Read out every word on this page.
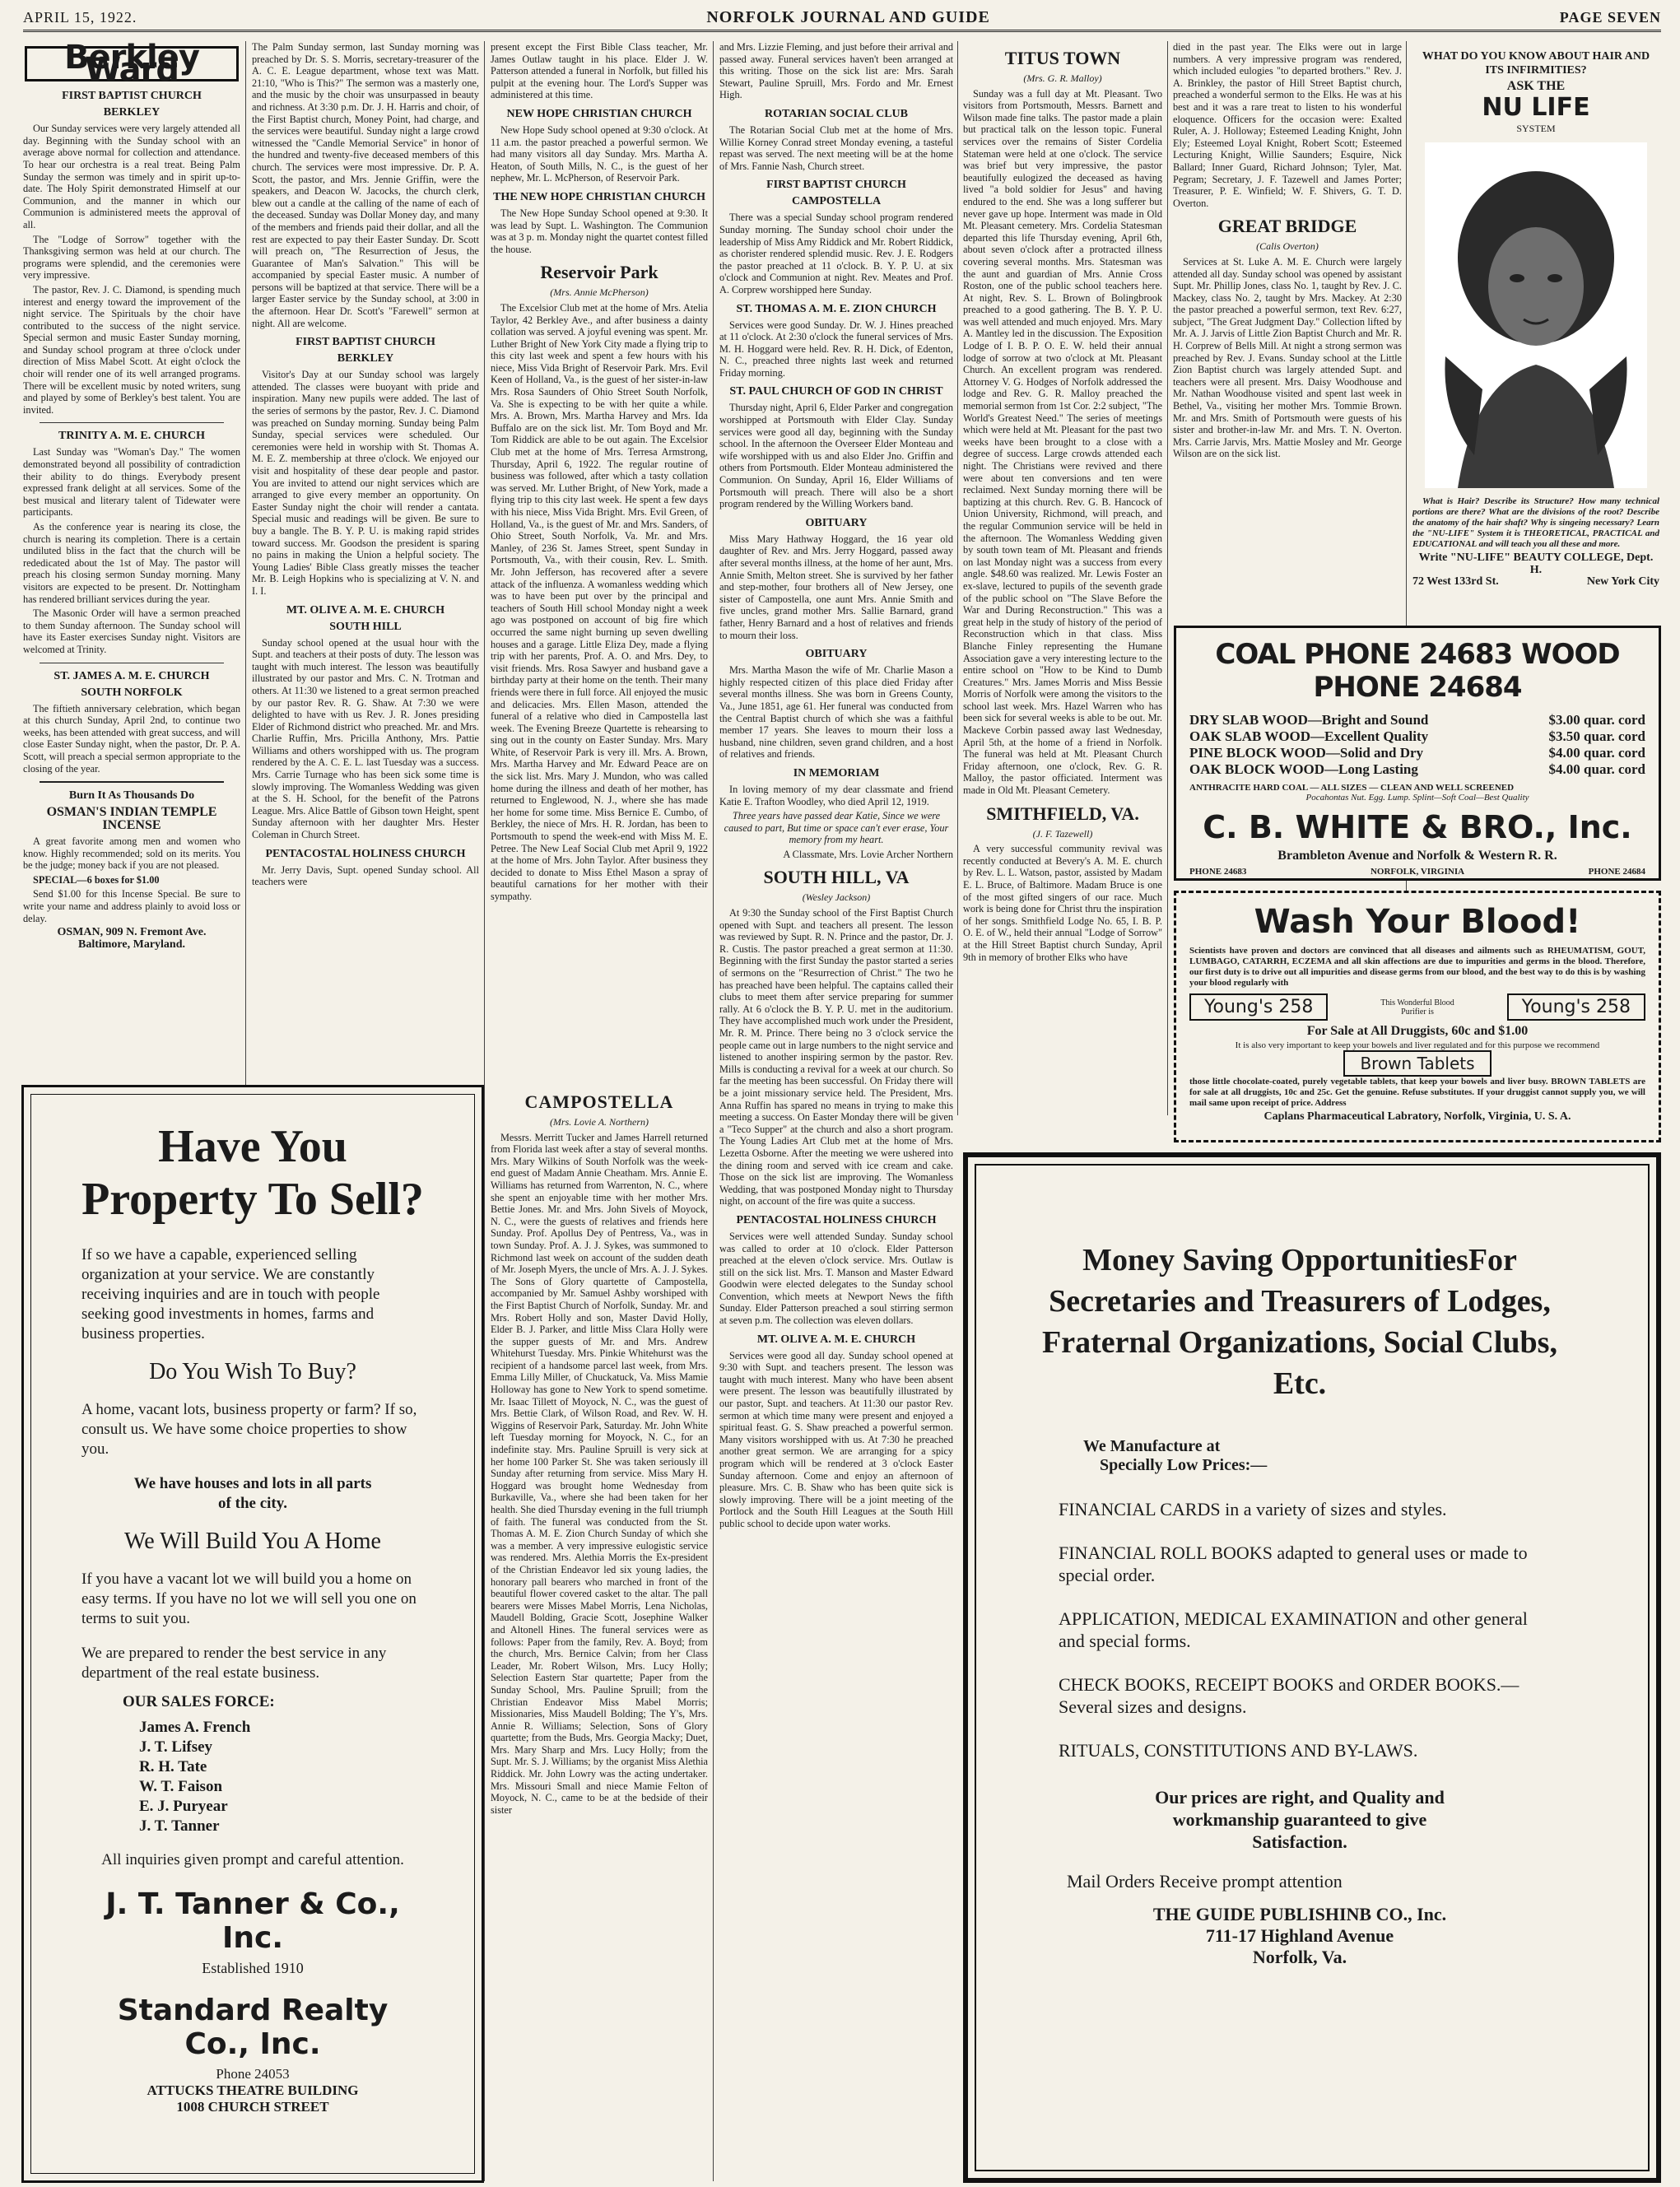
APRIL 15, 1922.	NORFOLK JOURNAL AND GUIDE	PAGE SEVEN
Berkley Ward
FIRST BAPTIST CHURCH
BERKLEY

Our Sunday services were very largely attended all day. Beginning with the Sunday school with an average above normal for collection and attendance. To hear our orchestra is a real treat. Being Palm Sunday the sermon was timely and in spirit up-to-date. The Holy Spirit demonstrated Himself at our Communion, and the manner in which our Communion is administered meets the approval of all.

The "Lodge of Sorrow" together with the Thanksgiving sermon was held at our church. The programs were splendid, and the ceremonies were very impressive.

The pastor, Rev. J. C. Diamond, is spending much interest and energy toward the improvement of the night service. The Spirituals by the choir have contributed to the success of the night service. Special sermon and music Easter Sunday morning, and Sunday school program at three o'clock under direction of Miss Mabel Scott. At eight o'clock the choir will render one of its well arranged programs. There will be excellent music by noted writers, sung and played by some of Berkley's best talent. You are invited.

TRINITY A. M. E. CHURCH

Last Sunday was "Woman's Day." The women demonstrated beyond all possibility of contradiction their ability to do things. Everybody present expressed frank delight at all services. Some of the best musical and literary talent of Tidewater were participants.

As the conference year is nearing its close, the church is nearing its completion. There is a certain undiluted bliss in the fact that the church will be rededicated about the 1st of May. The pastor will preach his closing sermon Sunday morning. Many visitors are expected to be present. Dr. Nottingham has rendered brilliant services during the year.

The Masonic Order will have a sermon preached to them Sunday afternoon. The Sunday school will have its Easter exercises Sunday night. Visitors are welcomed at Trinity.

ST. JAMES A. M. E. CHURCH
SOUTH NORFOLK

The fiftieth anniversary celebration, which began at this church Sunday, April 2nd, to continue two weeks, has been attended with great success, and will close Easter Sunday night, when the pastor, Dr. P. A. Scott, will preach a special sermon appropriate to the closing of the year.

Burn It As Thousands Do
OSMAN'S INDIAN TEMPLE INCENSE

A great favorite among men and women who know. Highly recommended; sold on its merits. You be the judge; money back if you are not pleased.

SPECIAL—6 boxes for $1.00

Send $1.00 for this Incense Special. Be sure to write your name and address plainly to avoid loss or delay.

OSMAN, 909 N. Fremont Ave.
Baltimore, Maryland.

The Palm Sunday sermon, last Sunday morning was preached by Dr. S. S. Morris, secretary-treasurer of the A. C. E. League department, whose text was Matt. 21:10, "Who is This?" The sermon was a masterly one, and the music by the choir was unsurpassed in beauty and richness. At 3:30 p.m. Dr. J. H. Harris and choir, of the First Baptist church, Money Point, had charge, and the services were beautiful. Sunday night a large crowd witnessed the "Candle Memorial Service" in honor of the hundred and twenty-five deceased members of this church. The services were most impressive. Dr. P. A. Scott, the pastor, and Mrs. Jennie Griffin, were the speakers, and Deacon W. Jacocks, the church clerk, blew out a candle at the calling of the name of each of the deceased. Sunday was Dollar Money day, and many of the members and friends paid their dollar, and all the rest are expected to pay their Easter Sunday. Dr. Scott will preach on, "The Resurrection of Jesus, the Guarantee of Man's Salvation." This will be accompanied by special Easter music. A number of persons will be baptized at that service. There will be a larger Easter service by the Sunday school, at 3:00 in the afternoon. Hear Dr. Scott's "Farewell" sermon at night. All are welcome.

FIRST BAPTIST CHURCH
BERKLEY

Visitor's Day at our Sunday school was largely attended. The classes were buoyant with pride and inspiration. Many new pupils were added. The last of the series of sermons by the pastor, Rev. J. C. Diamond was preached on Sunday morning. Sunday being Palm Sunday, special services were scheduled. Our ceremonies were held in worship with St. Thomas A. M. E. Z. membership at three o'clock. We enjoyed our visit and hospitality of these dear people and pastor. You are invited to attend our night services which are arranged to give every member an opportunity. On Easter Sunday night the choir will render a cantata. Special music and readings will be given. Be sure to buy a bangle. The B. Y. P. U. is making rapid strides toward success. Mr. Goodson the president is sparing no pains in making the Union a helpful society. The Young Ladies' Bible Class greatly misses the teacher Mr. B. Leigh Hopkins who is specializing at V. N. and I. I.

MT. OLIVE A. M. E. CHURCH
SOUTH HILL

Sunday school opened at the usual hour with the Supt. and teachers at their posts of duty. The lesson was taught with much interest. The lesson was beautifully illustrated by our pastor and Mrs. C. N. Trotman and others. At 11:30 we listened to a great sermon preached by our pastor Rev. R. G. Shaw. At 7:30 we were delighted to have with us Rev. J. R. Jones presiding Elder of Richmond district who preached. Mr. and Mrs. Charlie Ruffin, Mrs. Pricilla Anthony, Mrs. Pattie Williams and others worshipped with us. The program rendered by the A. C. E. L. last Tuesday was a success. Mrs. Carrie Turnage who has been sick some time is slowly improving. The Womanless Wedding was given at the S. H. School, for the benefit of the Patrons League. Mrs. Alice Battle of Gibson town Height, spent Sunday afternoon with her daughter Mrs. Hester Coleman in Church Street.

PENTACOSTAL HOLINESS CHURCH

Mr. Jerry Davis, Supt. opened Sunday school. All teachers were

present except the First Bible Class teacher, Mr. James Outlaw taught in his place. Elder J. W. Patterson attended a funeral in Norfolk, but filled his pulpit at the evening hour. The Lord's Supper was administered at this time.

NEW HOPE CHRISTIAN CHURCH

New Hope Sudy school opened at 9:30 o'clock. At 11 a.m. the pastor preached a powerful sermon. We had many visitors all day Sunday. Mrs. Martha A. Heaton, of South Mills, N. C., is the guest of her nephew, Mr. L. McPherson, of Reservoir Park.

THE NEW HOPE CHRISTIAN CHURCH

The New Hope Sunday School opened at 9:30. It was lead by Supt. L. Washington. The Communion was at 3 p. m. Monday night the quartet contest filled the house.

Reservoir Park
(Mrs. Annie McPherson)

The Excelsior Club met at the home of Mrs. Atelia Taylor, 42 Berkley Ave., and after business a dainty collation was served. A joyful evening was spent. Mr. Luther Bright of New York City made a flying trip to this city last week and spent a few hours with his niece, Miss Vida Bright of Reservoir Park. Mrs. Evil Keen of Holland, Va., is the guest of her sister-in-law Mrs. Rosa Saunders of Ohio Street South Norfolk, Va. She is expecting to be with her quite a while. Mrs. A. Brown, Mrs. Martha Harvey and Mrs. Ida Buffalo are on the sick list. Mr. Tom Boyd and Mr. Tom Riddick are able to be out again. The Excelsior Club met at the home of Mrs. Terresa Armstrong, Thursday, April 6, 1922. The regular routine of business was followed, after which a tasty collation was served. Mr. Luther Bright, of New York, made a flying trip to this city last week. He spent a few days with his niece, Miss Vida Bright. Mrs. Evil Green, of Holland, Va., is the guest of Mr. and Mrs. Sanders, of Ohio Street, South Norfolk, Va. Mr. and Mrs. Manley, of 236 St. James Street, spent Sunday in Portsmouth, Va., with their cousin, Rev. L. Smith. Mr. John Jefferson, has recovered after a severe attack of the influenza. A womanless wedding which was to have been put over by the principal and teachers of South Hill school Monday night a week ago was postponed on account of big fire which occurred the same night burning up seven dwelling houses and a garage. Little Eliza Dey, made a flying trip with her parents, Prof. A. O. and Mrs. Dey, to visit friends. Mrs. Rosa Sawyer and husband gave a birthday party at their home on the tenth. Their many friends were there in full force. All enjoyed the music and delicacies. Mrs. Ellen Mason, attended the funeral of a relative who died in Campostella last week. The Evening Breeze Quartette is rehearsing to sing out in the county on Easter Sunday. Mrs. Mary White, of Reservoir Park is very ill. Mrs. A. Brown, Mrs. Martha Harvey and Mr. Edward Peace are on the sick list. Mrs. Mary J. Mundon, who was called home during the illness and death of her mother, has returned to Englewood, N. J., where she has made her home for some time. Miss Bernice E. Cumbo, of Berkley, the niece of Mrs. H. R. Jordan, has been to Portsmouth to spend the week-end with Miss M. E. Petree. The New Leaf Social Club met April 9, 1922 at the home of Mrs. John Taylor. After business they decided to donate to Miss Ethel Mason a spray of beautiful carnations for her mother with their sympathy.

CAMPOSTELLA
(Mrs. Lovie A. Northern)

Messrs. Merritt Tucker and James Harrell returned from Florida last week after a stay of several months. Mrs. Mary Wilkins of South Norfolk was the week-end guest of Madam Annie Cheatham. Mrs. Annie E. Williams has returned from Warrenton, N. C., where she spent an enjoyable time with her mother Mrs. Bettie Jones. Mr. and Mrs. John Sivels of Moyock, N. C., were the guests of relatives and friends here Sunday. Prof. Apollus Dey of Pentress, Va., was in town Sunday. Prof. A. J. J. Sykes, was summoned to Richmond last week on account of the sudden death of Mr. Joseph Myers, the uncle of Mrs. A. J. J. Sykes. The Sons of Glory quartette of Campostella, accompanied by Mr. Samuel Ashby worshiped with the First Baptist Church of Norfolk, Sunday. Mr. and Mrs. Robert Holly and son, Master David Holly, Elder B. J. Parker, and little Miss Clara Holly were the supper guests of Mr. and Mrs. Andrew Whitehurst Tuesday. Mrs. Pinkie Whitehurst was the recipient of a handsome parcel last week, from Mrs. Emma Lilly Miller, of Chuckatuck, Va. Miss Mamie Holloway has gone to New York to spend sometime. Mr. Isaac Tillett of Moyock, N. C., was the guest of Mrs. Bettie Clark, of Wilson Road, and Rev. W. H. Wiggins of Reservoir Park, Saturday. Mr. John White left Tuesday morning for Moyock, N. C., for an indefinite stay. Mrs. Pauline Spruill is very sick at her home 100 Parker St. She was taken seriously ill Sunday after returning from service. Miss Mary H. Hoggard was brought home Wednesday from Burkaville, Va., where she had been taken for her health. She died Thursday evening in the full triumph of faith. The funeral was conducted from the St. Thomas A. M. E. Zion Church Sunday of which she was a member. A very impressive eulogistic service was rendered. Mrs. Alethia Morris the Ex-president of the Christian Endeavor led six young ladies, the honorary pall bearers who marched in front of the beautiful flower covered casket to the altar. The pall bearers were Misses Mabel Morris, Lena Nicholas, Maudell Bolding, Gracie Scott, Josephine Walker and Altonell Hines. The funeral services were as follows: Paper from the family, Rev. A. Boyd; from the church, Mrs. Bernice Calvin; from her Class Leader, Mr. Robert Wilson, Mrs. Lucy Holly; Selection Eastern Star quartette; Paper from the Sunday School, Mrs. Pauline Spruill; from the Christian Endeavor Miss Mabel Morris; Missionaries, Miss Maudell Bolding; The Y's, Mrs. Annie R. Williams; Selection, Sons of Glory quartette; from the Buds, Mrs. Georgia Macky; Duet, Mrs. Mary Sharp and Mrs. Lucy Holly; from the Supt. Mr. S. J. Williams; by the organist Miss Alethia Riddick. Mr. John Lowry was the acting undertaker. Mrs. Missouri Small and niece Mamie Felton of Moyock, N. C., came to be at the bedside of their sister

and Mrs. Lizzie Fleming, and just before their arrival and passed away. Funeral services haven't been arranged at this writing. Those on the sick list are: Mrs. Sarah Stewart, Pauline Spruill, Mrs. Fordo and Mr. Ernest High.

ROTARIAN SOCIAL CLUB

The Rotarian Social Club met at the home of Mrs. Willie Korney Conrad street Monday evening, a tasteful repast was served. The next meeting will be at the home of Mrs. Fannie Nash, Church street.

FIRST BAPTIST CHURCH
CAMPOSTELLA

There was a special Sunday school program rendered Sunday morning. The Sunday school choir under the leadership of Miss Amy Riddick and Mr. Robert Riddick, as chorister rendered splendid music. Rev. J. E. Rodgers the pastor preached at 11 o'clock. B. Y. P. U. at six o'clock and Communion at night. Rev. Meates and Prof. A. Corprew worshipped here Sunday.

ST. THOMAS A. M. E. ZION CHURCH

Services were good Sunday. Dr. W. J. Hines preached at 11 o'clock. At 2:30 o'clock the funeral services of Mrs. M. H. Hoggard were held. Rev. R. H. Dick, of Edenton, N. C., preached three nights last week and returned Friday morning.

ST. PAUL CHURCH OF GOD IN CHRIST

Thursday night, April 6, Elder Parker and congregation worshipped at Portsmouth with Elder Clay. Sunday services were good all day, beginning with the Sunday school. In the afternoon the Overseer Elder Monteau and wife worshipped with us and also Elder Jno. Griffin and others from Portsmouth. Elder Monteau administered the Communion. On Sunday, April 16, Elder Williams of Portsmouth will preach. There will also be a short program rendered by the Willing Workers band.

OBITUARY

Miss Mary Hathway Hoggard, the 16 year old daughter of Rev. and Mrs. Jerry Hoggard, passed away after several months illness, at the home of her aunt, Mrs. Annie Smith, Melton street. She is survived by her father and step-mother, four brothers all of New Jersey, one sister of Campostella, one aunt Mrs. Annie Smith and five uncles, grand mother Mrs. Sallie Barnard, grand father, Henry Barnard and a host of relatives and friends to mourn their loss.

OBITUARY

Mrs. Martha Mason the wife of Mr. Charlie Mason a highly respected citizen of this place died Friday after several months illness. She was born in Greens County, Va., June 1851, age 61. Her funeral was conducted from the Central Baptist church of which she was a faithful member 17 years. She leaves to mourn their loss a husband, nine children, seven grand children, and a host of relatives and friends.

IN MEMORIAM

In loving memory of my dear classmate and friend Katie E. Trafton Woodley, who died April 12, 1919.

Three years have passed dear Katie, Since we were caused to part, But time or space can't ever erase, Your memory from my heart.

A Classmate, Mrs. Lovie Archer Northern

SOUTH HILL, VA
(Wesley Jackson)

At 9:30 the Sunday school of the First Baptist Church opened with Supt. and teachers all present. The lesson was reviewed by Supt. R. N. Prince and the pastor, Dr. J. R. Custis. The pastor preached a great sermon at 11:30. Beginning with the first Sunday the pastor started a series of sermons on the "Resurrection of Christ." The two he has preached have been helpful. The captains called their clubs to meet them after service preparing for summer rally. At 6 o'clock the B. Y. P. U. met in the auditorium. They have accomplished much work under the President, Mr. R. M. Prince. There being no 3 o'clock service the people came out in large numbers to the night service and listened to another inspiring sermon by the pastor. Rev. Mills is conducting a revival for a week at our church. So far the meeting has been successful. On Friday there will be a joint missionary service held. The President, Mrs. Anna Ruffin has spared no means in trying to make this meeting a success. On Easter Monday there will be given a "Teco Supper" at the church and also a short program. The Young Ladies Art Club met at the home of Mrs. Lezetta Osborne. After the meeting we were ushered into the dining room and served with ice cream and cake. Those on the sick list are improving. The Womanless Wedding, that was postponed Monday night to Thursday night, on account of the fire was quite a success.

PENTACOSTAL HOLINESS CHURCH

Services were well attended Sunday. Sunday school was called to order at 10 o'clock. Elder Patterson preached at the eleven o'clock service. Mrs. Outlaw is still on the sick list. Mrs. T. Manson and Master Edward Goodwin were elected delegates to the Sunday school Convention, which meets at Newport News the fifth Sunday. Elder Patterson preached a soul stirring sermon at seven p.m. The collection was eleven dollars.

MT. OLIVE A. M. E. CHURCH

Services were good all day. Sunday school opened at 9:30 with Supt. and teachers present. The lesson was taught with much interest. Many who have been absent were present. The lesson was beautifully illustrated by our pastor, Supt. and teachers. At 11:30 our pastor Rev. sermon at which time many were present and enjoyed a spiritual feast. G. S. Shaw preached a powerful sermon. Many visitors worshipped with us. At 7:30 he preached another great sermon. We are arranging for a spicy program which will be rendered at 3 o'clock Easter Sunday afternoon. Come and enjoy an afternoon of pleasure. Mrs. C. B. Shaw who has been quite sick is slowly improving. There will be a joint meeting of the Portlock and the South Hill Leagues at the South Hill public school to decide upon water works.

TITUS TOWN
(Mrs. G. R. Malloy)

Sunday was a full day at Mt. Pleasant. Two visitors from Portsmouth, Messrs. Barnett and Wilson made fine talks. The pastor made a plain but practical talk on the lesson topic. Funeral services over the remains of Sister Cordelia Stateman were held at one o'clock. The service was brief but very impressive, the pastor beautifully eulogized the deceased as having lived "a bold soldier for Jesus" and having endured to the end. She was a long sufferer but never gave up hope. Interment was made in Old Mt. Pleasant cemetery. Mrs. Cordelia Statesman departed this life Thursday evening, April 6th, about seven o'clock after a protracted illness covering several months. Mrs. Statesman was the aunt and guardian of Mrs. Annie Cross Roston, one of the public school teachers here. At night, Rev. S. L. Brown of Bolingbrook preached to a good gathering. The B. Y. P. U. was well attended and much enjoyed. Mrs. Mary A. Mantley led in the discussion. The Exposition Lodge of I. B. P. O. E. W. held their annual lodge of sorrow at two o'clock at Mt. Pleasant Church. An excellent program was rendered. Attorney V. G. Hodges of Norfolk addressed the lodge and Rev. G. R. Malloy preached the memorial sermon from 1st Cor. 2:2 subject, "The World's Greatest Need." The series of meetings which were held at Mt. Pleasant for the past two weeks have been brought to a close with a degree of success. Large crowds attended each night. The Christians were revived and there were about ten conversions and ten were reclaimed. Next Sunday morning there will be baptizing at this church. Rev. G. B. Hancock of Union University, Richmond, will preach, and the regular Communion service will be held in the afternoon. The Womanless Wedding given by south town team of Mt. Pleasant and friends on last Monday night was a success from every angle. $48.60 was realized. Mr. Lewis Foster an ex-slave, lectured to pupils of the seventh grade of the public school on "The Slave Before the War and During Reconstruction." This was a great help in the study of history of the period of Reconstruction which in that class. Miss Blanche Finley representing the Humane Association gave a very interesting lecture to the entire school on "How to be Kind to Dumb Creatures." Mrs. James Morris and Miss Bessie Morris of Norfolk were among the visitors to the school last week. Mrs. Hazel Warren who has been sick for several weeks is able to be out. Mr. Mackeve Corbin passed away last Wednesday, April 5th, at the home of a friend in Norfolk. The funeral was held at Mt. Pleasant Church Friday afternoon, one o'clock, Rev. G. R. Malloy, the pastor officiated. Interment was made in Old Mt. Pleasant Cemetery.

SMITHFIELD, VA.
(J. F. Tazewell)

A very successful community revival was recently conducted at Bevery's A. M. E. church by Rev. L. L. Watson, pastor, assisted by Madam E. L. Bruce, of Baltimore. Madam Bruce is one of the most gifted singers of our race. Much work is being done for Christ thru the inspiration of her songs. Smithfield Lodge No. 65, I. B. P. O. E. of W., held their annual "Lodge of Sorrow" at the Hill Street Baptist church Sunday, April 9th in memory of brother Elks who have

died in the past year. The Elks were out in large numbers. A very impressive program was rendered, which included eulogies "to departed brothers." Rev. J. A. Brinkley, the pastor of Hill Street Baptist church, preached a wonderful sermon to the Elks. He was at his best and it was a rare treat to listen to his wonderful eloquence. Officers for the occasion were: Exalted Ruler, A. J. Holloway; Esteemed Leading Knight, John Ely; Esteemed Loyal Knight, Robert Scott; Esteemed Lecturing Knight, Willie Saunders; Esquire, Nick Ballard; Inner Guard, Richard Johnson; Tyler, Mat. Pegram; Secretary, J. F. Tazewell and James Porter; Treasurer, P. E. Winfield; W. F. Shivers, G. T. D. Overton.

GREAT BRIDGE
(Calis Overton)

Services at St. Luke A. M. E. Church were largely attended all day. Sunday school was opened by assistant Supt. Mr. Phillip Jones, class No. 1, taught by Rev. J. C. Mackey, class No. 2, taught by Mrs. Mackey. At 2:30 the pastor preached a powerful sermon, text Rev. 6:27, subject, "The Great Judgment Day." Collection lifted by Mr. A. J. Jarvis of Little Zion Baptist Church and Mr. R. H. Corprew of Bells Mill. At night a strong sermon was preached by Rev. J. Evans. Sunday school at the Little Zion Baptist church was largely attended Supt. and teachers were all present. Mrs. Daisy Woodhouse and Mr. Nathan Woodhouse visited and spent last week in Bethel, Va., visiting her mother Mrs. Tommie Brown. Mr. and Mrs. Smith of Portsmouth were guests of his sister and brother-in-law Mr. and Mrs. T. N. Overton. Mrs. Carrie Jarvis, Mrs. Mattie Mosley and Mr. George Wilson are on the sick list.

WHAT DO YOU KNOW ABOUT HAIR AND ITS INFIRMITIES?
ASK THE
NU LIFE
SYSTEM

What is Hair? Describe its Structure? How many technical portions are there? What are the divisions of the root? Describe the anatomy of the hair shaft? Why is singeing necessary? Learn the "NU-LIFE" System it is THEORETICAL, PRACTICAL and EDUCATIONAL and will teach you all these and more.

Write "NU-LIFE" BEAUTY COLLEGE, Dept. H.
72 West 133rd St.	New York City
COAL PHONE 24683 WOOD PHONE 24684
DRY SLAB WOOD—Bright and Sound	$3.00 quar. cord
OAK SLAB WOOD—Excellent Quality	$3.50 quar. cord
PINE BLOCK WOOD—Solid and Dry	$4.00 quar. cord
OAK BLOCK WOOD—Long Lasting	$4.00 quar. cord
ANTHRACITE HARD COAL — ALL SIZES — CLEAN AND WELL SCREENED
Pocahontas Nut. Egg. Lump. Splint—Soft Coal—Best Quality
C. B. WHITE & BRO., Inc.
Brambleton Avenue and Norfolk & Western R. R.
PHONE 24683	NORFOLK, VIRGINIA	PHONE 24684
Wash Your Blood!

Scientists have proven and doctors are convinced that all diseases and ailments such as RHEUMATISM, GOUT, LUMBAGO, CATARRH, ECZEMA and all skin affections are due to impurities and germs in the blood. Therefore, our first duty is to drive out all impurities and disease germs from our blood, and the best way to do this is by washing your blood regularly with

Young's 258	This Wonderful Blood Purifier is	Young's 258
For Sale at All Druggists, 60c and $1.00
It is also very important to keep your bowels and liver regulated and for this purpose we recommend
Brown Tablets

those little chocolate-coated, purely vegetable tablets, that keep your bowels and liver busy. BROWN TABLETS are for sale at all druggists, 10c and 25c. Get the genuine. Refuse substitutes. If your druggist cannot supply you, we will mail same upon receipt of price. Address

Caplans Pharmaceutical Labratory, Norfolk, Virginia, U. S. A.
Have You
Property To Sell?

If so we have a capable, experienced selling organization at your service. We are constantly receiving inquiries and are in touch with people seeking good investments in homes, farms and business properties.

Do You Wish To Buy?

A home, vacant lots, business property or farm? If so, consult us. We have some choice properties to show you.

We have houses and lots in all parts of the city.

We Will Build You A Home

If you have a vacant lot we will build you a home on easy terms. If you have no lot we will sell you one on terms to suit you.

We are prepared to render the best service in any department of the real estate business.

OUR SALES FORCE:
James A. French
J. T. Lifsey
R. H. Tate
W. T. Faison
E. J. Puryear
J. T. Tanner
All inquiries given prompt and careful attention.
J. T. Tanner & Co., Inc.
Established 1910
Standard Realty Co., Inc.
Phone 24053
ATTUCKS THEATRE BUILDING
1008 CHURCH STREET
Money Saving OpportunitiesFor Secretaries and Treasurers of Lodges, Fraternal Organizations, Social Clubs, Etc.
We Manufacture at
Specially Low Prices:—
FINANCIAL CARDS in a variety of sizes and styles.
FINANCIAL ROLL BOOKS adapted to general uses or made to special order.
APPLICATION, MEDICAL EXAMINATION and other general and special forms.
CHECK BOOKS, RECEIPT BOOKS and ORDER BOOKS.—Several sizes and designs.
RITUALS, CONSTITUTIONS AND BY-LAWS.
Our prices are right, and Quality and workmanship guaranteed to give Satisfaction.
Mail Orders Receive prompt attention
THE GUIDE PUBLISHINB CO., Inc.
711-17 Highland Avenue
Norfolk, Va.
